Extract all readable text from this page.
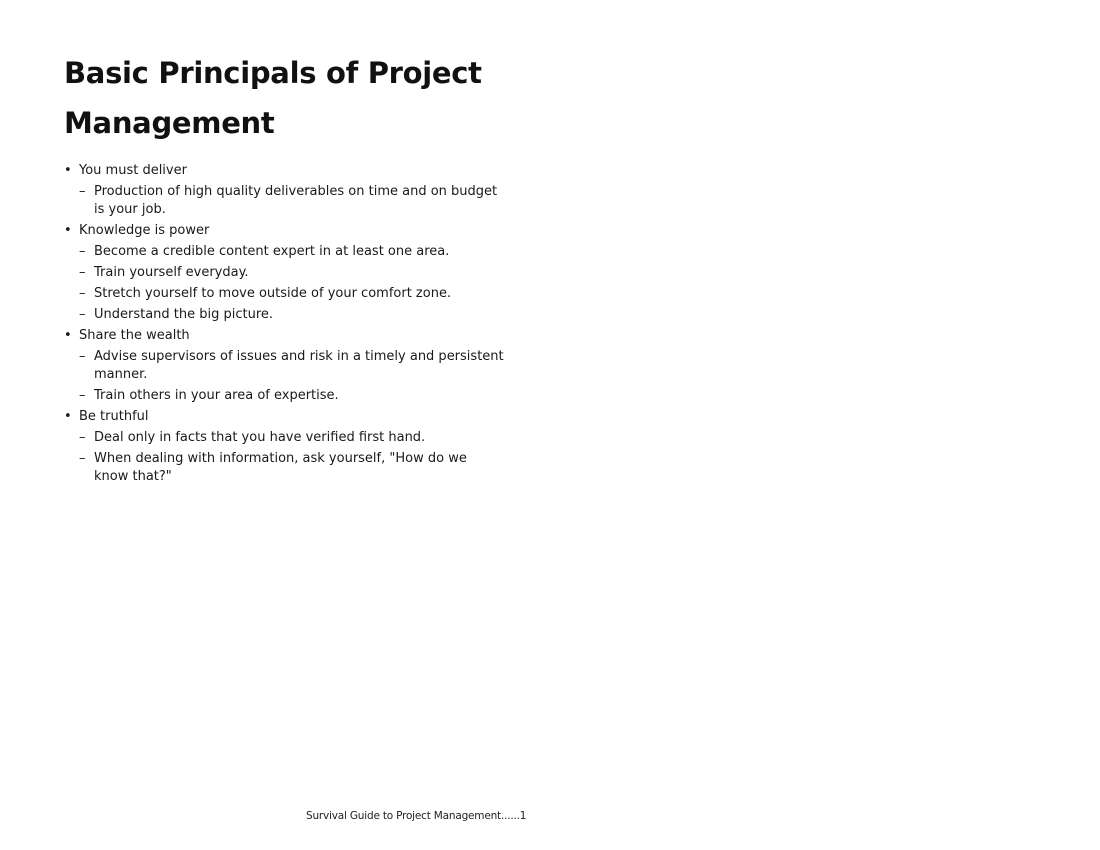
Basic Principals of Project Management
• You must deliver
– Production of high quality deliverables on time and on budget is your job.
• Knowledge is power
– Become a credible content expert in at least one area.
– Train yourself everyday.
– Stretch yourself to move outside of your comfort zone.
– Understand the big picture.
• Share the wealth
– Advise supervisors of issues and risk in a timely and persistent manner.
– Train others in your area of expertise.
• Be truthful
– Deal only in facts that you have verified first hand.
– When dealing with information, ask yourself, "How do we know that?"
Survival Guide to Project Management......1
